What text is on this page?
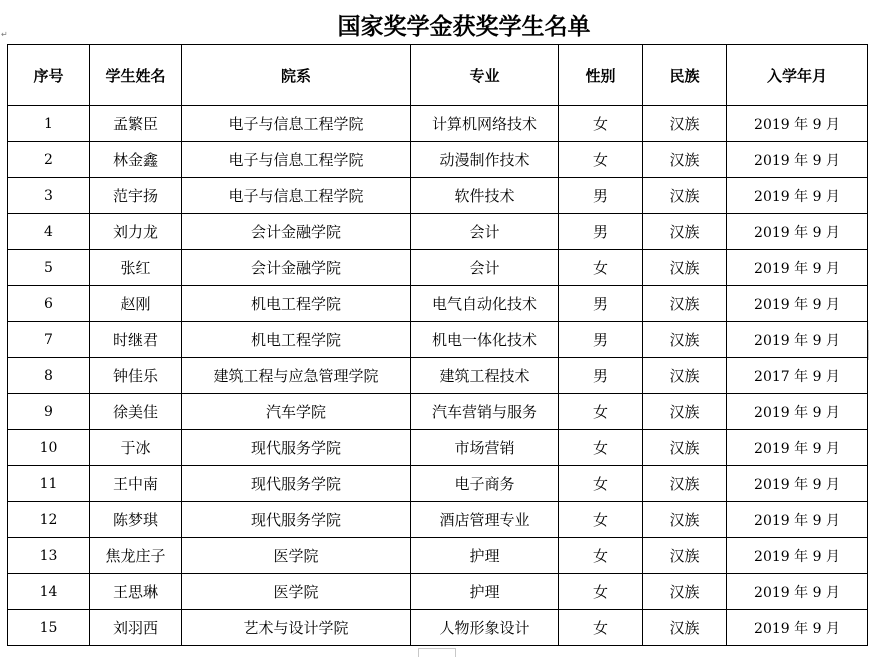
国家奖学金获奖学生名单
↵
序号	学生姓名	院系	专业	性别	民族	入学年月
1	孟繁臣	电子与信息工程学院	计算机网络技术	女	汉族	2019 年 9 月
2	林金鑫	电子与信息工程学院	动漫制作技术	女	汉族	2019 年 9 月
3	范宇扬	电子与信息工程学院	软件技术	男	汉族	2019 年 9 月
4	刘力龙	会计金融学院	会计	男	汉族	2019 年 9 月
5	张红	会计金融学院	会计	女	汉族	2019 年 9 月
6	赵刚	机电工程学院	电气自动化技术	男	汉族	2019 年 9 月
7	时继君	机电工程学院	机电一体化技术	男	汉族	2019 年 9 月
8	钟佳乐	建筑工程与应急管理学院	建筑工程技术	男	汉族	2017 年 9 月
9	徐美佳	汽车学院	汽车营销与服务	女	汉族	2019 年 9 月
10	于冰	现代服务学院	市场营销	女	汉族	2019 年 9 月
11	王中南	现代服务学院	电子商务	女	汉族	2019 年 9 月
12	陈梦琪	现代服务学院	酒店管理专业	女	汉族	2019 年 9 月
13	焦龙庄子	医学院	护理	女	汉族	2019 年 9 月
14	王思琳	医学院	护理	女	汉族	2019 年 9 月
15	刘羽西	艺术与设计学院	人物形象设计	女	汉族	2019 年 9 月
